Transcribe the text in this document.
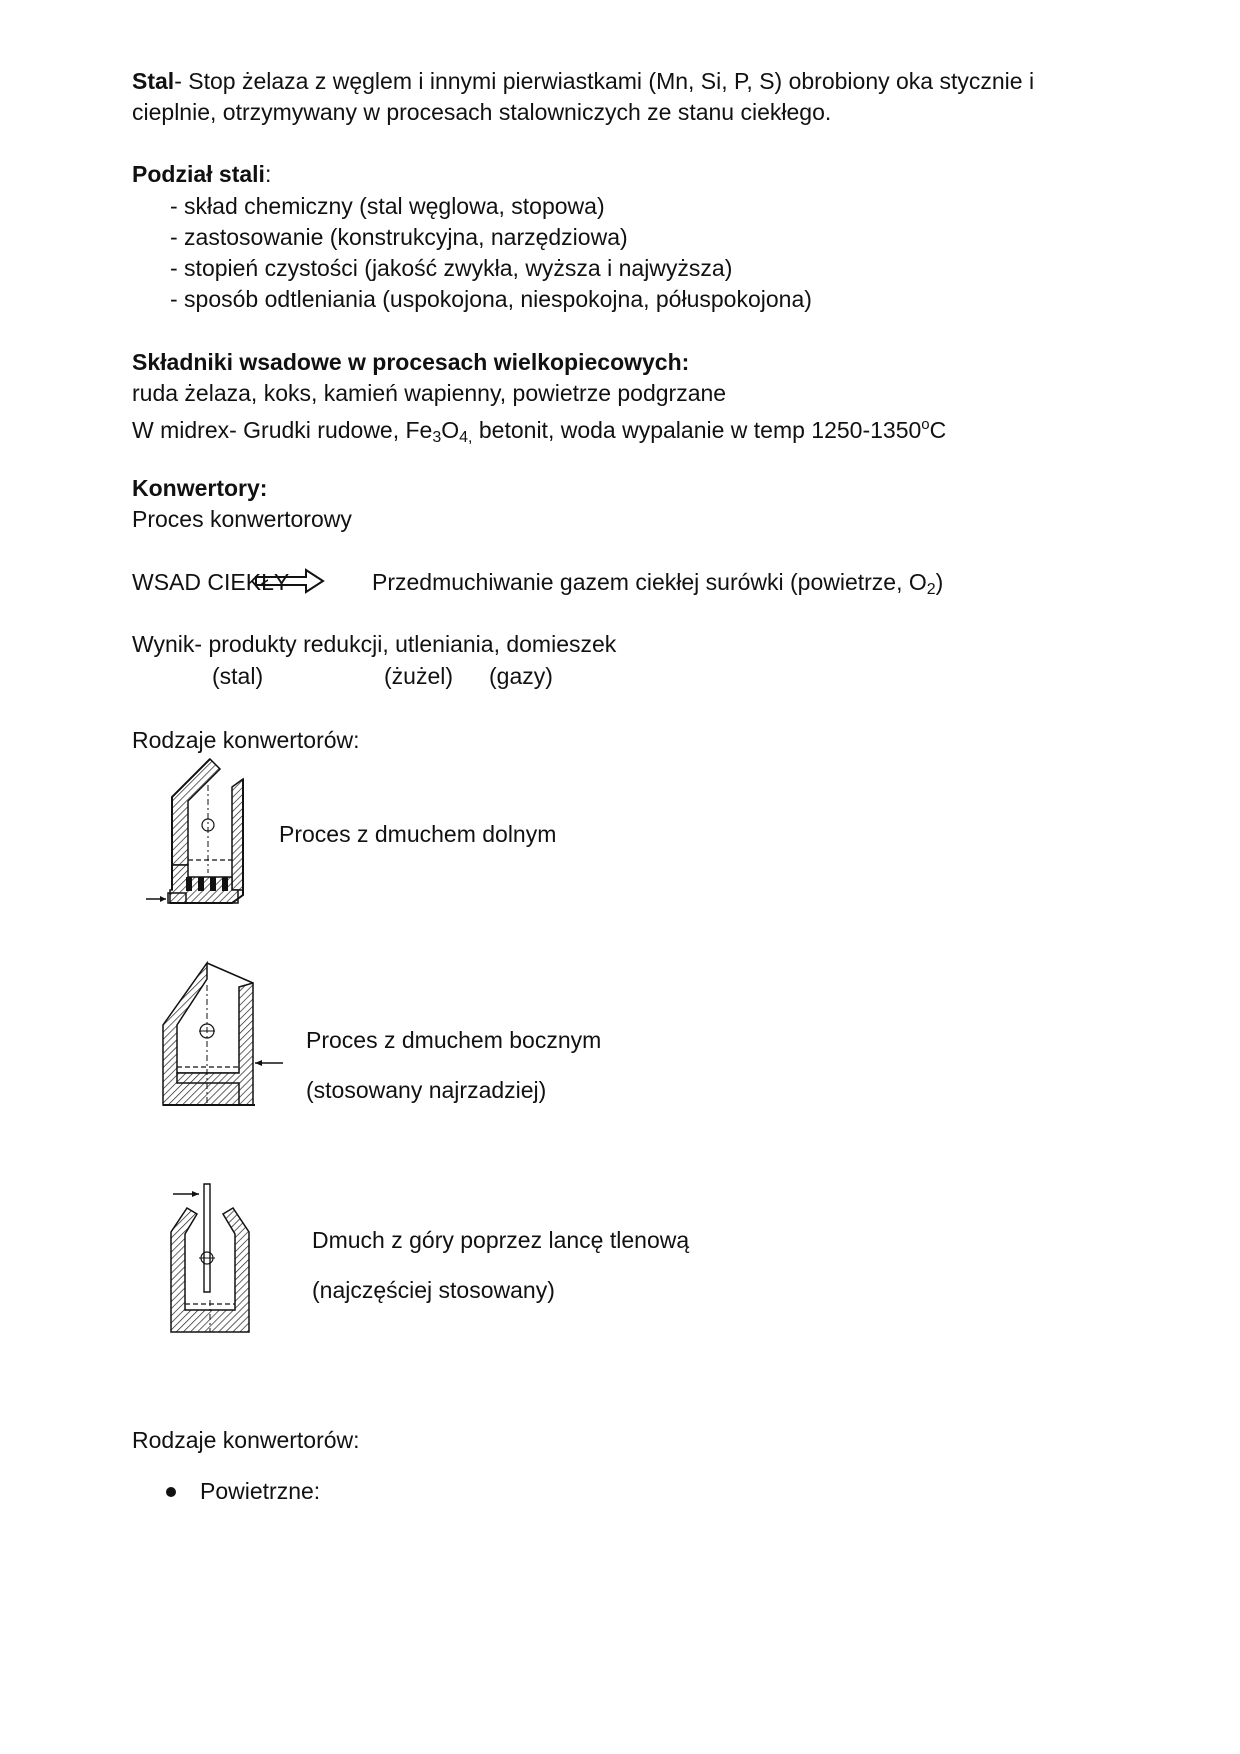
Stal- Stop żelaza z węglem i innymi pierwiastkami (Mn, Si, P, S) obrobiony oka stycznie i
cieplnie, otrzymywany w procesach stalowniczych ze stanu ciekłego.
Podział stali:
- skład chemiczny (stal węglowa, stopowa)
- zastosowanie (konstrukcyjna, narzędziowa)
- stopień czystości (jakość zwykła, wyższa i najwyższa)
- sposób odtleniania (uspokojona, niespokojna, półuspokojona)
Składniki wsadowe w procesach wielkopiecowych:
ruda żelaza, koks, kamień wapienny, powietrze podgrzane
W midrex- Grudki rudowe, $Fe_3O_{4,}$ betonit, woda wypalanie w temp 1250-1350$^o$C
Konwertory:
Proces konwertorowy
WSAD CIEKŁY	Przedmuchiwanie gazem ciekłej surówki (powietrze, $O_2$)
Wynik- produkty redukcji, utleniania, domieszek
(stal)	(żużel) (gazy)
Rodzaje konwertorów:
Proces z dmuchem dolnym
Proces z dmuchem bocznym
(stosowany najrzadziej)
Dmuch z góry poprzez lancę tlenową
(najczęściej stosowany)
Rodzaje konwertorów:
Powietrzne:
